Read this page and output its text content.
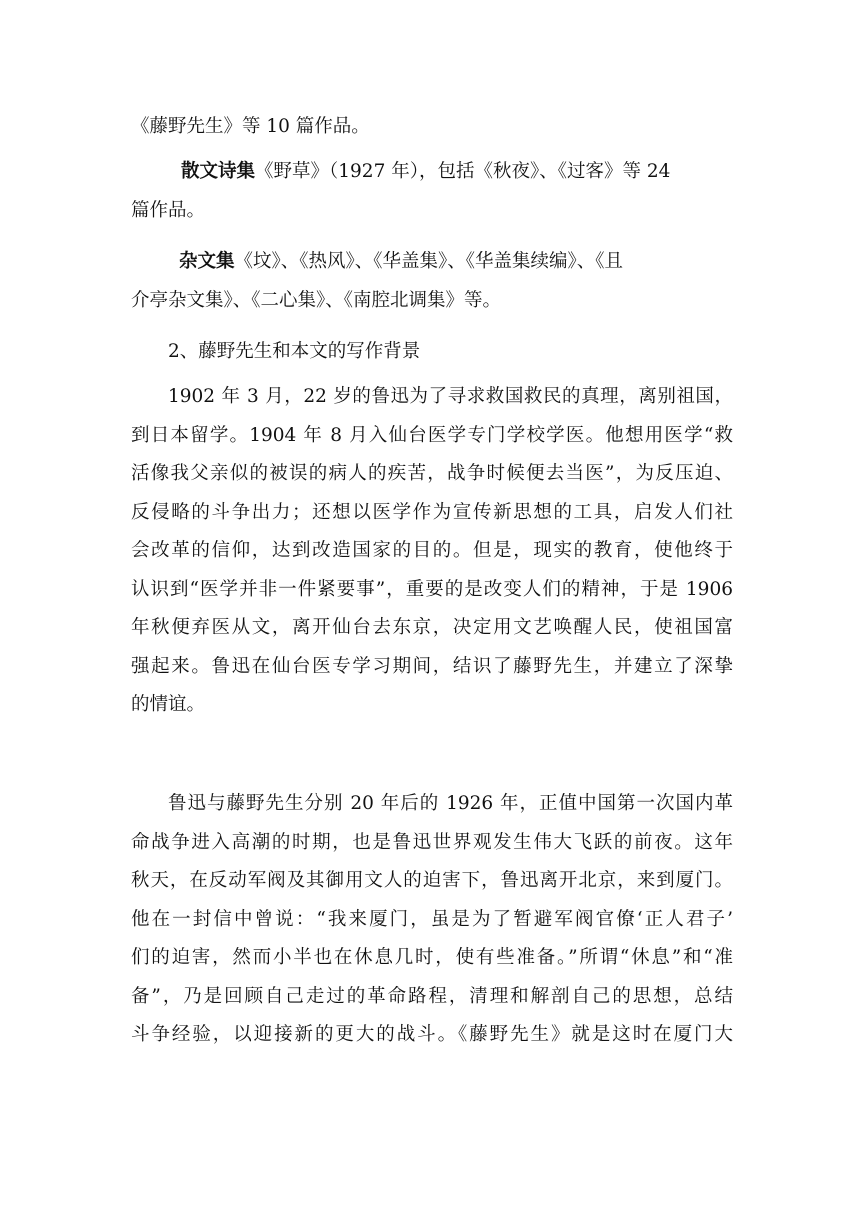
《藤野先生》等 10 篇作品。

散文诗集《野草》（1927 年），包括《秋夜》、《过客》等 24
篇作品。

杂文集《坟》、《热风》、《华盖集》、《华盖集续编》、《且
介亭杂文集》、《二心集》、《南腔北调集》等。

2、藤野先生和本文的写作背景

1902 年 3 月，22 岁的鲁迅为了寻求救国救民的真理，离别祖国，
到日本留学。1904 年 8 月入仙台医学专门学校学医。他想用医学“救
活像我父亲似的被误的病人的疾苦，战争时候便去当医”，为反压迫、
反侵略的斗争出力；还想以医学作为宣传新思想的工具，启发人们社
会改革的信仰，达到改造国家的目的。但是，现实的教育，使他终于
认识到“医学并非一件紧要事”，重要的是改变人们的精神，于是 1906
年秋便弃医从文，离开仙台去东京，决定用文艺唤醒人民，使祖国富
强起来。鲁迅在仙台医专学习期间，结识了藤野先生，并建立了深挚
的情谊。

鲁迅与藤野先生分别 20 年后的 1926 年，正值中国第一次国内革
命战争进入高潮的时期，也是鲁迅世界观发生伟大飞跃的前夜。这年
秋天，在反动军阀及其御用文人的迫害下，鲁迅离开北京，来到厦门。
他在一封信中曾说：“我来厦门，虽是为了暂避军阀官僚‘正人君子’
们的迫害，然而小半也在休息几时，使有些准备。”所谓“休息”和“准
备”，乃是回顾自己走过的革命路程，清理和解剖自己的思想，总结
斗争经验，以迎接新的更大的战斗。《藤野先生》就是这时在厦门大
